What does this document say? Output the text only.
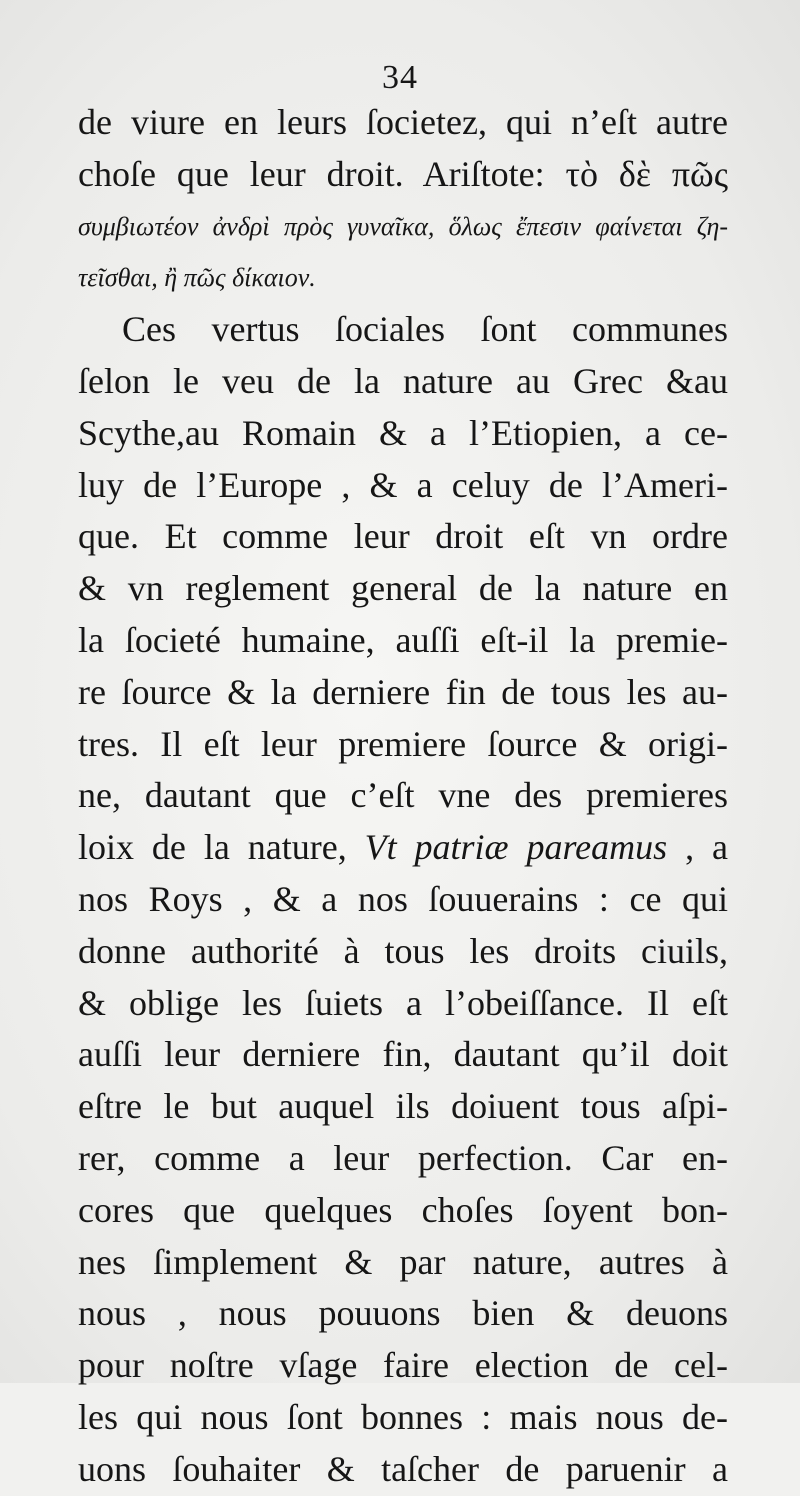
34
de viure en leurs ſocietez, qui n’eſt autre
choſe que leur droit. Ariſtote: τὸ δὲ πῶς
συμβιωτέον ἀνδρὶ πρὸς γυναῖκα, ὅλως ἔπεσιν φαίνεται ζη-
τεῖσθαι, ἢ πῶς δίκαιον.
Ces vertus ſociales ſont communes
ſelon le veu de la nature au Grec &au
Scythe,au Romain & a l’Etiopien, a ce-
luy de l’Europe , & a celuy de l’Ameri-
que. Et comme leur droit eſt vn ordre
& vn reglement general de la nature en
la ſocieté humaine, auſſi eſt-il la premie-
re ſource & la derniere fin de tous les au-
tres. Il eſt leur premiere ſource & origi-
ne, dautant que c’eſt vne des premieres
loix de la nature, Vt patriæ pareamus , a
nos Roys , & a nos ſouuerains : ce qui
donne authorité à tous les droits ciuils,
& oblige les ſuiets a l’obeiſſance. Il eſt
auſſi leur derniere fin, dautant qu’il doit
eſtre le but auquel ils doiuent tous aſpi-
rer, comme a leur perfection. Car en-
cores que quelques choſes ſoyent bon-
nes ſimplement & par nature, autres à
nous , nous pouuons bien & deuons
pour noſtre vſage faire election de cel-
les qui nous ſont bonnes : mais nous de-
uons ſouhaiter & taſcher de paruenir a
